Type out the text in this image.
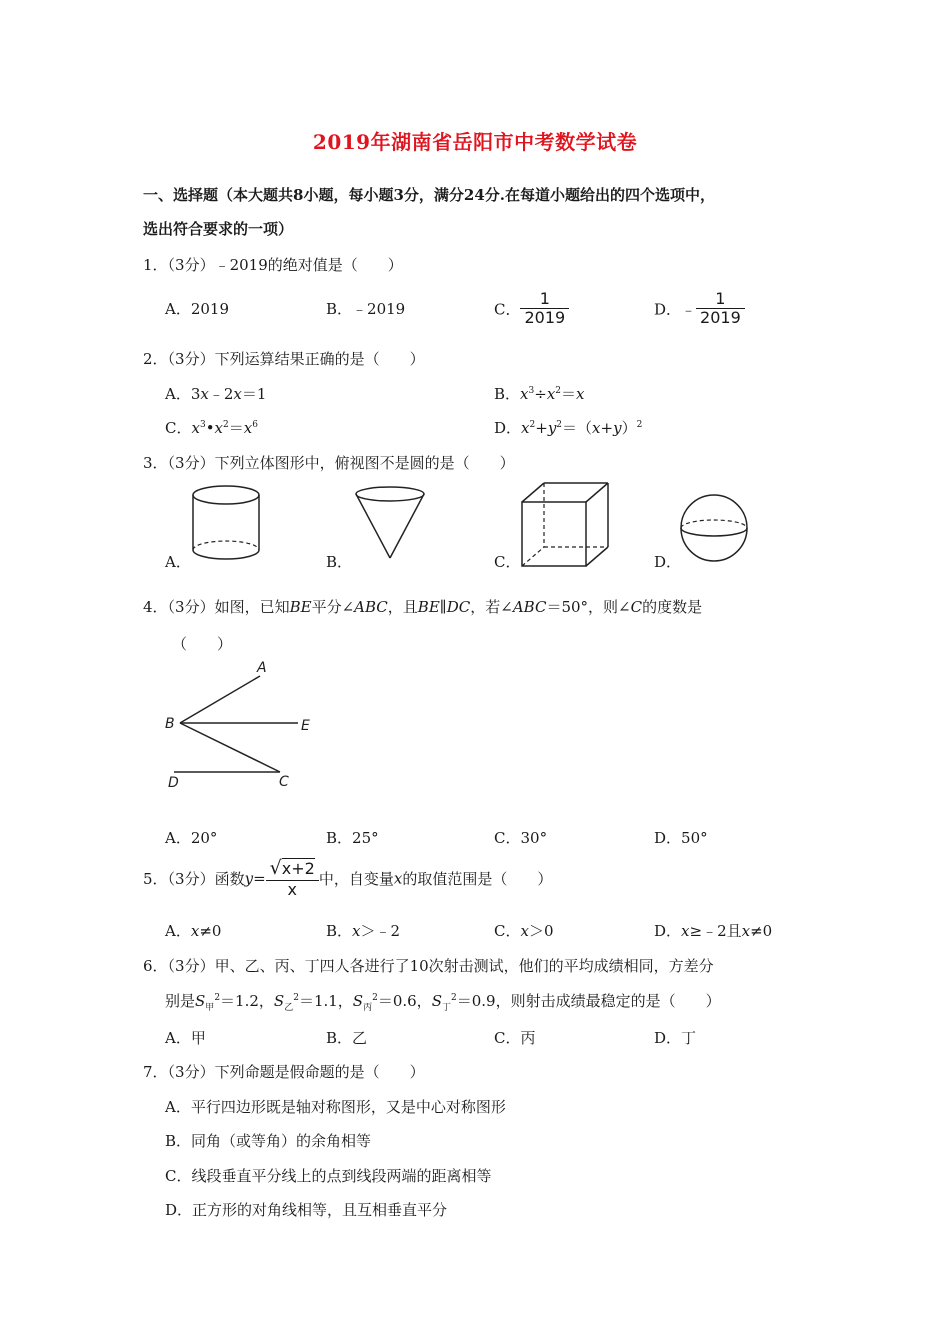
2019年湖南省岳阳市中考数学试卷
一、选择题（本大题共8小题，每小题3分，满分24分.在每道小题给出的四个选项中，
选出符合要求的一项）
1．（3分）﹣2019的绝对值是（　　）
A．2019	B．﹣2019	C． $\frac{1}{2019}$	D．﹣ $\frac{1}{2019}$
2．（3分）下列运算结果正确的是（　　）
A．3x﹣2x＝1	B．$x^3\div x^2=x$
C．$x^3•x^2=x^6$	D．$x^2+y^2=(x+y)^2$
3．（3分）下列立体图形中，俯视图不是圆的是（　　）
A．	B．	C．	D．
4．（3分）如图，已知BE平分∠ABC，且BE∥DC，若∠ABC＝50°，则∠C的度数是
（　　）
A
B	E
D	C
A．20°	B．25°	C．30°	D．50°
5．（3分）函数$y= \frac{√x+2}{x}$ 中，自变量x的取值范围是（　　）
A．x≠0	B．x＞﹣2	C．x＞0	D．x≥﹣2且x≠0
6．（3分）甲、乙、丙、丁四人各进行了10次射击测试，他们的平均成绩相同，方差分
别是$S_甲^2=1.2$，$S_乙^2=1.1$，$S_丙^2=0.6$，$S_丁^2=0.9$，则射击成绩最稳定的是（　　）
A．甲	B．乙	C．丙	D．丁
7．（3分）下列命题是假命题的是（　　）
A．平行四边形既是轴对称图形，又是中心对称图形
B．同角（或等角）的余角相等
C．线段垂直平分线上的点到线段两端的距离相等
D．正方形的对角线相等，且互相垂直平分
